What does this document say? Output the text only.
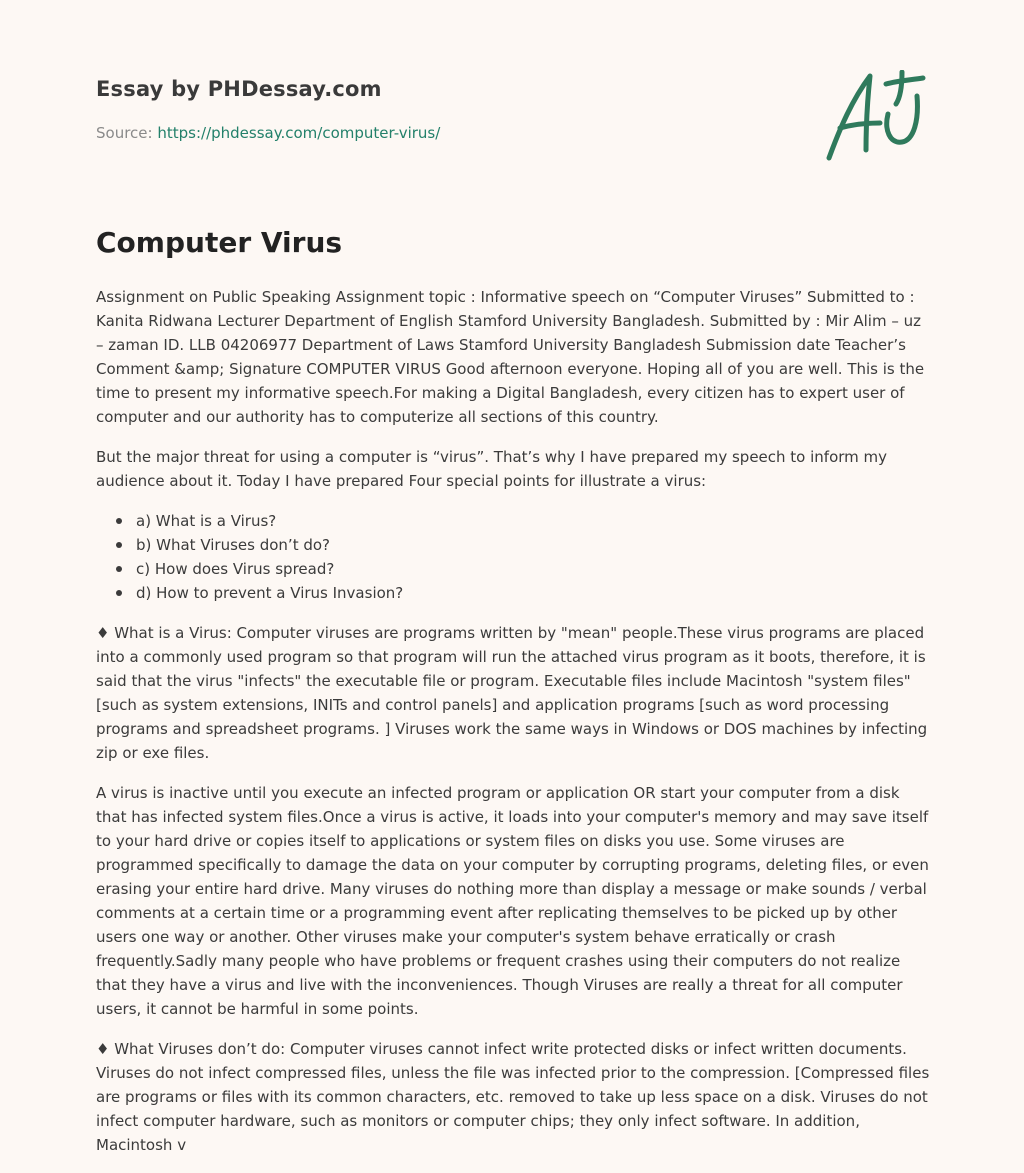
Essay by PHDessay.com
Source: https://phdessay.com/computer-virus/
Computer Virus

Assignment on Public Speaking Assignment topic : Informative speech on “Computer Viruses” Submitted to : Kanita Ridwana Lecturer Department of English Stamford University Bangladesh. Submitted by : Mir Alim – uz – zaman ID. LLB 04206977 Department of Laws Stamford University Bangladesh Submission date Teacher’s Comment &amp; Signature COMPUTER VIRUS Good afternoon everyone. Hoping all of you are well. This is the time to present my informative speech.For making a Digital Bangladesh, every citizen has to expert user of computer and our authority has to computerize all sections of this country.

But the major threat for using a computer is “virus”. That’s why I have prepared my speech to inform my audience about it. Today I have prepared Four special points for illustrate a virus:

a) What is a Virus?
b) What Viruses don’t do?
c) How does Virus spread?
d) How to prevent a Virus Invasion?

♦ What is a Virus: Computer viruses are programs written by "mean" people.These virus programs are placed into a commonly used program so that program will run the attached virus program as it boots, therefore, it is said that the virus "infects" the executable file or program. Executable files include Macintosh "system files" [such as system extensions, INITs and control panels] and application programs [such as word processing programs and spreadsheet programs. ] Viruses work the same ways in Windows or DOS machines by infecting zip or exe files.

A virus is inactive until you execute an infected program or application OR start your computer from a disk that has infected system files.Once a virus is active, it loads into your computer's memory and may save itself to your hard drive or copies itself to applications or system files on disks you use. Some viruses are programmed specifically to damage the data on your computer by corrupting programs, deleting files, or even erasing your entire hard drive. Many viruses do nothing more than display a message or make sounds / verbal comments at a certain time or a programming event after replicating themselves to be picked up by other users one way or another. Other viruses make your computer's system behave erratically or crash frequently.Sadly many people who have problems or frequent crashes using their computers do not realize that they have a virus and live with the inconveniences. Though Viruses are really a threat for all computer users, it cannot be harmful in some points.

♦ What Viruses don’t do: Computer viruses cannot infect write protected disks or infect written documents. Viruses do not infect compressed files, unless the file was infected prior to the compression. [Compressed files are programs or files with its common characters, etc. removed to take up less space on a disk. Viruses do not infect computer hardware, such as monitors or computer chips; they only infect software. In addition, Macintosh v
